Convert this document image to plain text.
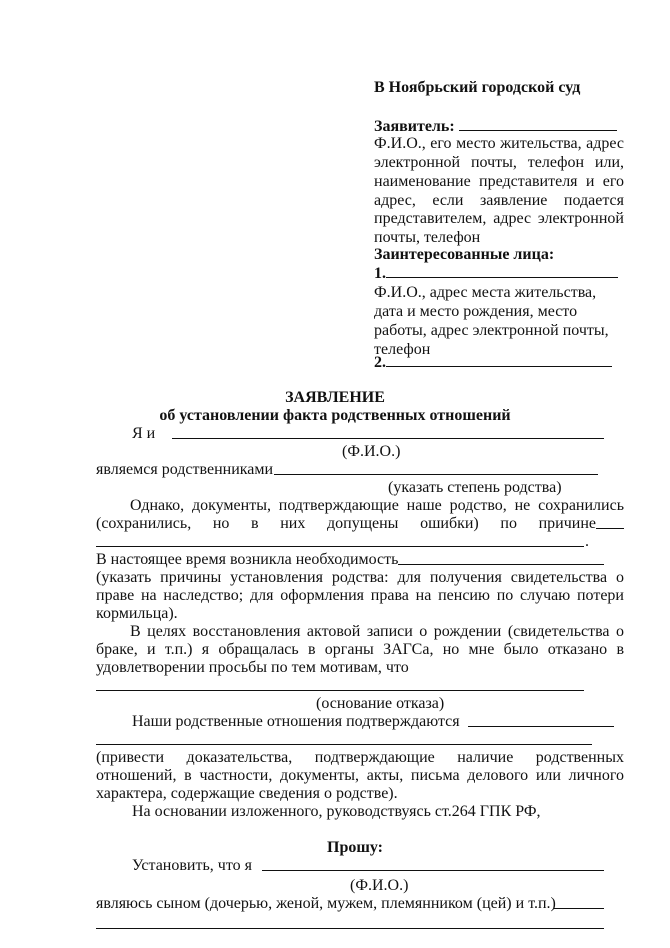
В Ноябрьский городской суд
Заявитель:
Ф.И.О., его место жительства, адрес
электронной почты, телефон или,
наименование представителя и его
адрес, если заявление подается
представителем, адрес электронной
почты, телефон
Заинтересованные лица:
1.
Ф.И.О., адрес места жительства,
дата и место рождения, место
работы, адрес электронной почты,
телефон
2.
ЗАЯВЛЕНИЕ
об установлении факта родственных отношений
Я и
(Ф.И.О.)
являемся родственниками
(указать степень родства)
Однако, документы, подтверждающие наше родство, не сохранились
(сохранились, но в них допущены ошибки) по причине
.
В настоящее время возникла необходимость
(указать причины установления родства: для получения свидетельства о
праве на наследство; для оформления права на пенсию по случаю потери
кормильца).
В целях восстановления актовой записи о рождении (свидетельства о
браке, и т.п.) я обращалась в органы ЗАГСа, но мне было отказано в
удовлетворении просьбы по тем мотивам, что
(основание отказа)
Наши родственные отношения подтверждаются
(привести доказательства, подтверждающие наличие родственных
отношений, в частности, документы, акты, письма делового или личного
характера, содержащие сведения о родстве).
На основании изложенного, руководствуясь ст.264 ГПК РФ,
Прошу:
Установить, что я
(Ф.И.О.)
являюсь сыном (дочерью, женой, мужем, племянником (цей) и т.п.)
